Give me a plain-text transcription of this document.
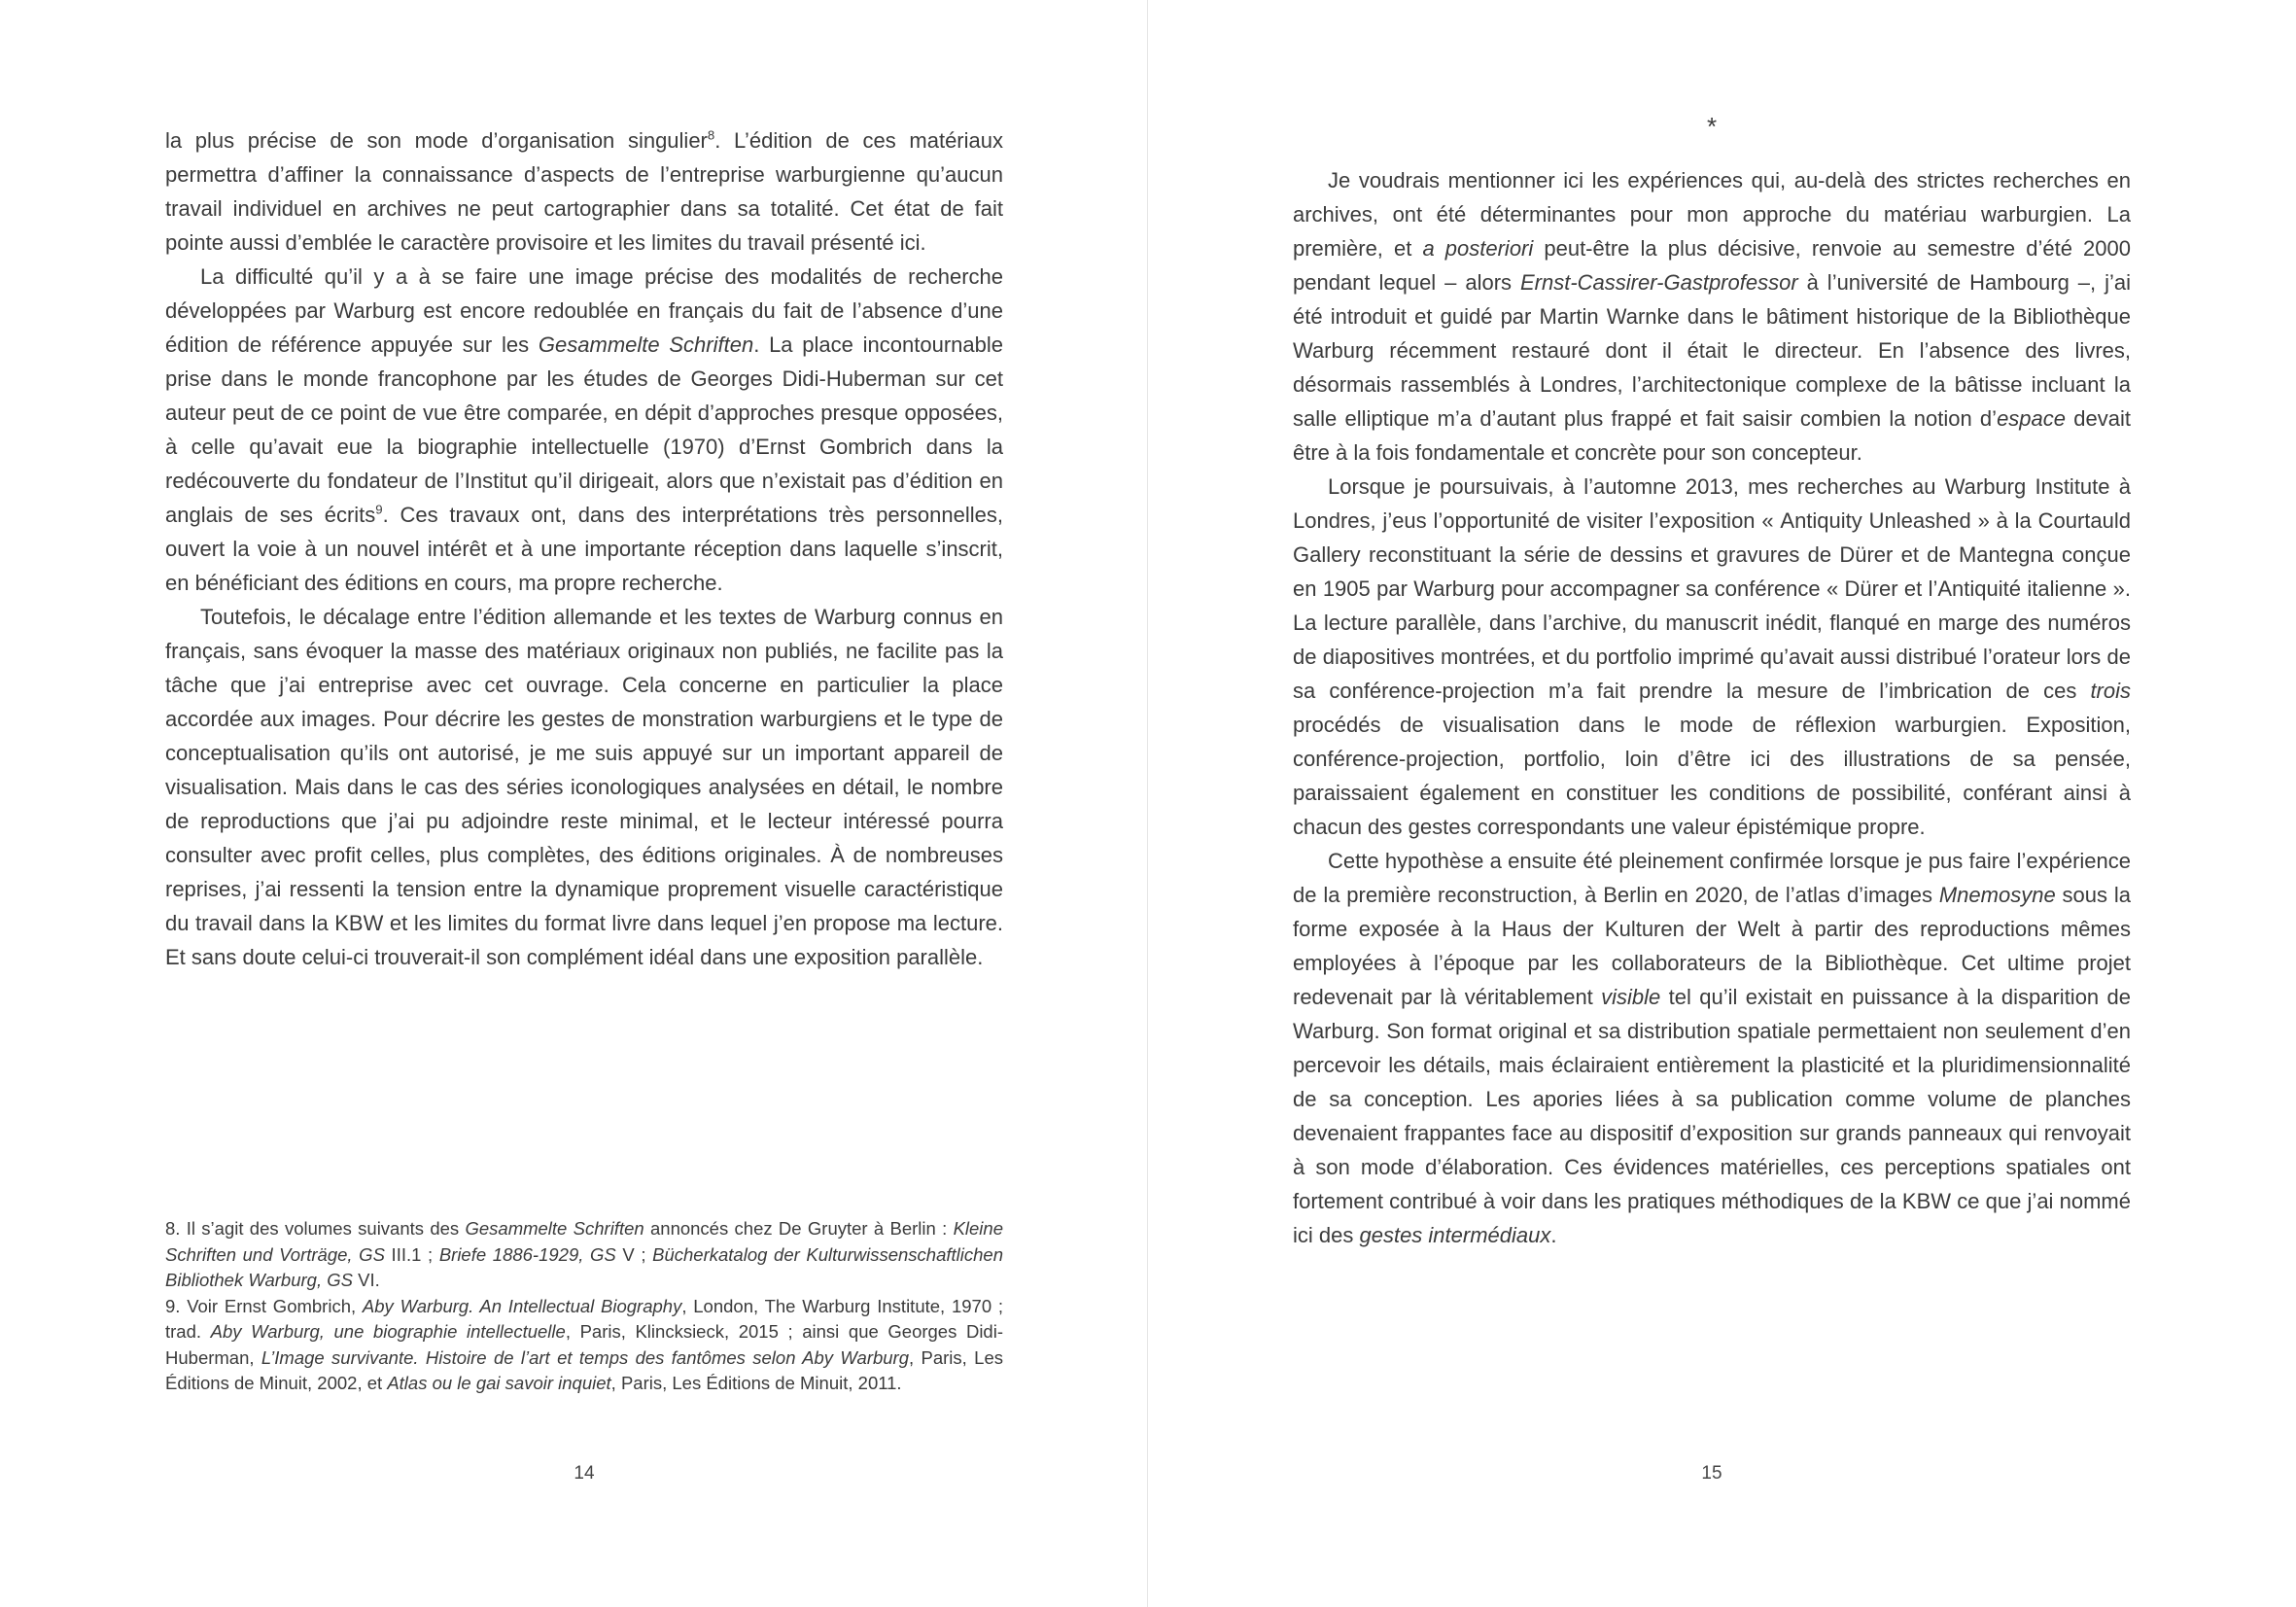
la plus précise de son mode d’organisation singulier$^8$. L’édition de ces matériaux permettra d’affiner la connaissance d’aspects de l’entreprise warburgienne qu’aucun travail individuel en archives ne peut cartographier dans sa totalité. Cet état de fait pointe aussi d’emblée le caractère provisoire et les limites du travail présenté ici.

La difficulté qu’il y a à se faire une image précise des modalités de recherche développées par Warburg est encore redoublée en français du fait de l’absence d’une édition de référence appuyée sur les Gesammelte Schriften. La place incontournable prise dans le monde francophone par les études de Georges Didi-Huberman sur cet auteur peut de ce point de vue être comparée, en dépit d’approches presque opposées, à celle qu’avait eue la biographie intellectuelle (1970) d’Ernst Gombrich dans la redécouverte du fondateur de l’Institut qu’il dirigeait, alors que n’existait pas d’édition en anglais de ses écrits$^9$. Ces travaux ont, dans des interprétations très personnelles, ouvert la voie à un nouvel intérêt et à une importante réception dans laquelle s’inscrit, en bénéficiant des éditions en cours, ma propre recherche.

Toutefois, le décalage entre l’édition allemande et les textes de Warburg connus en français, sans évoquer la masse des matériaux originaux non publiés, ne facilite pas la tâche que j’ai entreprise avec cet ouvrage. Cela concerne en particulier la place accordée aux images. Pour décrire les gestes de monstration warburgiens et le type de conceptualisation qu’ils ont autorisé, je me suis appuyé sur un important appareil de visualisation. Mais dans le cas des séries iconologiques analysées en détail, le nombre de reproductions que j’ai pu adjoindre reste minimal, et le lecteur intéressé pourra consulter avec profit celles, plus complètes, des éditions originales. À de nombreuses reprises, j’ai ressenti la tension entre la dynamique proprement visuelle caractéristique du travail dans la KBW et les limites du format livre dans lequel j’en propose ma lecture. Et sans doute celui-ci trouverait-il son complément idéal dans une exposition parallèle.

8. Il s’agit des volumes suivants des Gesammelte Schriften annoncés chez De Gruyter à Berlin : Kleine Schriften und Vorträge, GS III.1 ; Briefe 1886-1929, GS V ; Bücherkatalog der Kulturwissenschaftlichen Bibliothek Warburg, GS VI.

9. Voir Ernst Gombrich, Aby Warburg. An Intellectual Biography, London, The Warburg Institute, 1970 ; trad. Aby Warburg, une biographie intellectuelle, Paris, Klincksieck, 2015 ; ainsi que Georges Didi-Huberman, L’Image survivante. Histoire de l’art et temps des fantômes selon Aby Warburg, Paris, Les Éditions de Minuit, 2002, et Atlas ou le gai savoir inquiet, Paris, Les Éditions de Minuit, 2011.

14
*

Je voudrais mentionner ici les expériences qui, au-delà des strictes recherches en archives, ont été déterminantes pour mon approche du matériau warburgien. La première, et a posteriori peut-être la plus décisive, renvoie au semestre d’été 2000 pendant lequel – alors Ernst-Cassirer-Gastprofessor à l’université de Hambourg –, j’ai été introduit et guidé par Martin Warnke dans le bâtiment historique de la Bibliothèque Warburg récemment restauré dont il était le directeur. En l’absence des livres, désormais rassemblés à Londres, l’architectonique complexe de la bâtisse incluant la salle elliptique m’a d’autant plus frappé et fait saisir combien la notion d’espace devait être à la fois fondamentale et concrète pour son concepteur.

Lorsque je poursuivais, à l’automne 2013, mes recherches au Warburg Institute à Londres, j’eus l’opportunité de visiter l’exposition « Antiquity Unleashed » à la Courtauld Gallery reconstituant la série de dessins et gravures de Dürer et de Mantegna conçue en 1905 par Warburg pour accompagner sa conférence « Dürer et l’Antiquité italienne ». La lecture parallèle, dans l’archive, du manuscrit inédit, flanqué en marge des numéros de diapositives montrées, et du portfolio imprimé qu’avait aussi distribué l’orateur lors de sa conférence-projection m’a fait prendre la mesure de l’imbrication de ces trois procédés de visualisation dans le mode de réflexion warburgien. Exposition, conférence-projection, portfolio, loin d’être ici des illustrations de sa pensée, paraissaient également en constituer les conditions de possibilité, conférant ainsi à chacun des gestes correspondants une valeur épistémique propre.

Cette hypothèse a ensuite été pleinement confirmée lorsque je pus faire l’expérience de la première reconstruction, à Berlin en 2020, de l’atlas d’images Mnemosyne sous la forme exposée à la Haus der Kulturen der Welt à partir des reproductions mêmes employées à l’époque par les collaborateurs de la Bibliothèque. Cet ultime projet redevenait par là véritablement visible tel qu’il existait en puissance à la disparition de Warburg. Son format original et sa distribution spatiale permettaient non seulement d’en percevoir les détails, mais éclairaient entièrement la plasticité et la pluridimensionnalité de sa conception. Les apories liées à sa publication comme volume de planches devenaient frappantes face au dispositif d’exposition sur grands panneaux qui renvoyait à son mode d’élaboration. Ces évidences matérielles, ces perceptions spatiales ont fortement contribué à voir dans les pratiques méthodiques de la KBW ce que j’ai nommé ici des gestes intermédiaux.

15
